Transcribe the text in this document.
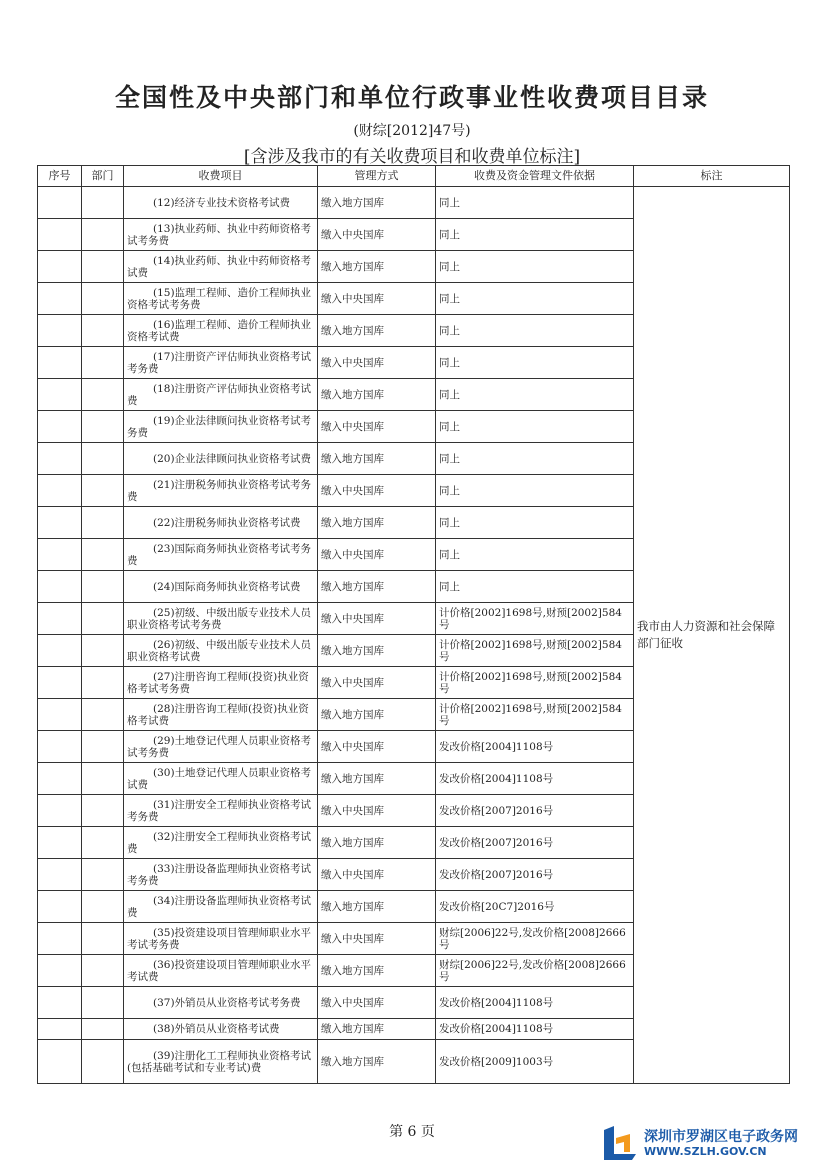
全国性及中央部门和单位行政事业性收费项目目录
(财综[2012]47号)
[含涉及我市的有关收费项目和收费单位标注]
序号	部门	收费项目	管理方式	收费及资金管理文件依据	标注
		(12)经济专业技术资格考试费	缴入地方国库	同上	我市由人力资源和社会保障部门征收
		(13)执业药师、执业中药师资格考试考务费	缴入中央国库	同上	
		(14)执业药师、执业中药师资格考试费	缴入地方国库	同上	
		(15)监理工程师、造价工程师执业资格考试考务费	缴入中央国库	同上	
		(16)监理工程师、造价工程师执业资格考试费	缴入地方国库	同上	
		(17)注册资产评估师执业资格考试考务费	缴入中央国库	同上	
		(18)注册资产评估师执业资格考试费	缴入地方国库	同上	
		(19)企业法律顾问执业资格考试考务费	缴入中央国库	同上	
		(20)企业法律顾问执业资格考试费	缴入地方国库	同上	
		(21)注册税务师执业资格考试考务费	缴入中央国库	同上	
		(22)注册税务师执业资格考试费	缴入地方国库	同上	
		(23)国际商务师执业资格考试考务费	缴入中央国库	同上	
		(24)国际商务师执业资格考试费	缴入地方国库	同上	
		(25)初级、中级出版专业技术人员职业资格考试考务费	缴入中央国库	计价格[2002]1698号,财预[2002]584号	
		(26)初级、中级出版专业技术人员职业资格考试费	缴入地方国库	计价格[2002]1698号,财预[2002]584号	
		(27)注册咨询工程师(投资)执业资格考试考务费	缴入中央国库	计价格[2002]1698号,财预[2002]584号	
		(28)注册咨询工程师(投资)执业资格考试费	缴入地方国库	计价格[2002]1698号,财预[2002]584号	
		(29)土地登记代理人员职业资格考试考务费	缴入中央国库	发改价格[2004]1108号	
		(30)土地登记代理人员职业资格考试费	缴入地方国库	发改价格[2004]1108号	
		(31)注册安全工程师执业资格考试考务费	缴入中央国库	发改价格[2007]2016号	
		(32)注册安全工程师执业资格考试费	缴入地方国库	发改价格[2007]2016号	
		(33)注册设备监理师执业资格考试考务费	缴入中央国库	发改价格[2007]2016号	
		(34)注册设备监理师执业资格考试费	缴入地方国库	发改价格[20C7]2016号	
		(35)投资建设项目管理师职业水平考试考务费	缴入中央国库	财综[2006]22号,发改价格[2008]2666号	
		(36)投资建设项目管理师职业水平考试费	缴入地方国库	财综[2006]22号,发改价格[2008]2666号	
		(37)外销员从业资格考试考务费	缴入中央国库	发改价格[2004]1108号	
		(38)外销员从业资格考试费	缴入地方国库	发改价格[2004]1108号	
		(39)注册化工工程师执业资格考试(包括基础考试和专业考试)费	缴入地方国库	发改价格[2009]1003号	
第 6 页	深圳市罗湖区电子政务网
WWW.SZLH.GOV.CN
